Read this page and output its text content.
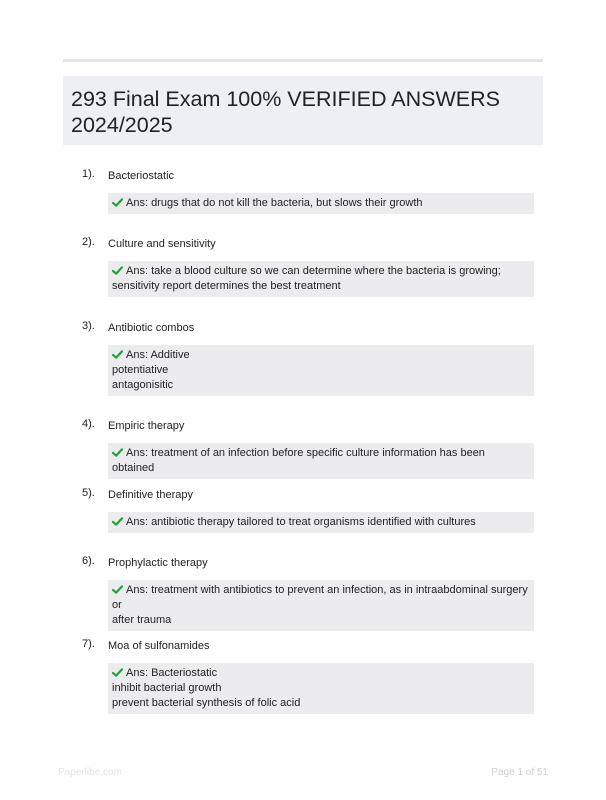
293 Final Exam 100% VERIFIED ANSWERS
2024/2025
1). Bacteriostatic
Ans: drugs that do not kill the bacteria, but slows their growth
2). Culture and sensitivity
Ans: take a blood culture so we can determine where the bacteria is growing;
sensitivity report determines the best treatment
3). Antibiotic combos
Ans: Additive
potentiative
antagonisitic
4). Empiric therapy
Ans: treatment of an infection before specific culture information has been obtained
5). Definitive therapy
Ans: antibiotic therapy tailored to treat organisms identified with cultures
6). Prophylactic therapy
Ans: treatment with antibiotics to prevent an infection, as in intraabdominal surgery or
after trauma
7). Moa of sulfonamides
Ans: Bacteriostatic
inhibit bacterial growth
prevent bacterial synthesis of folic acid
Paperlibe.com	Page 1 of 51
